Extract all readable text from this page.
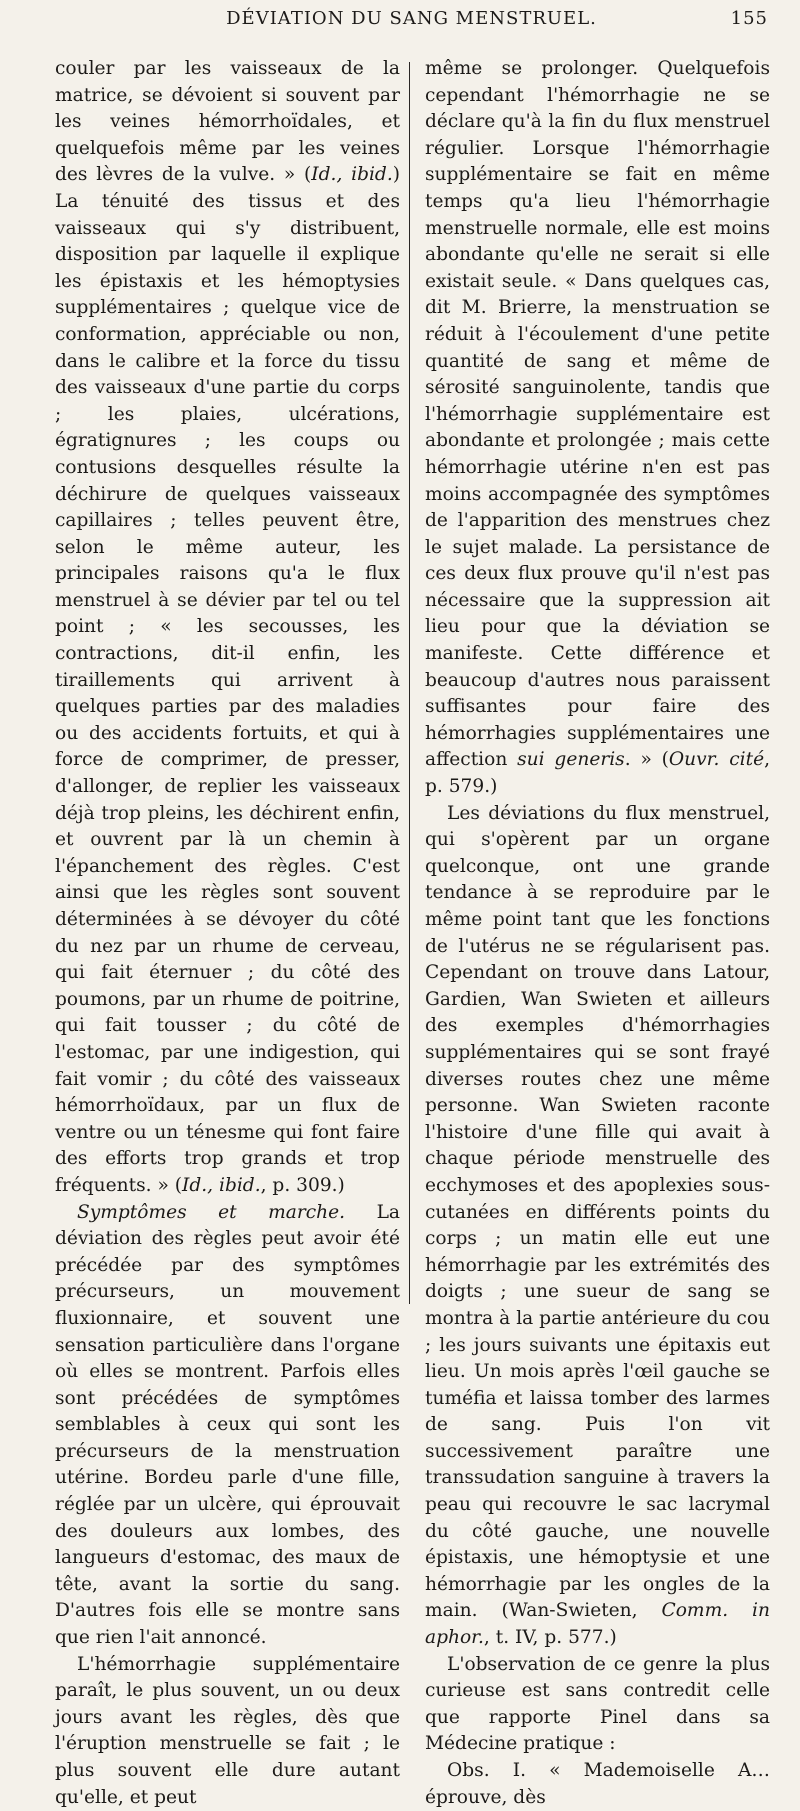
DÉVIATION DU SANG MENSTRUEL.	155

couler par les vaisseaux de la matrice, se dévoient si souvent par les veines hémorrhoïdales, et quelquefois même par les veines des lèvres de la vulve. » (Id., ibid.) La ténuité des tissus et des vaisseaux qui s'y distribuent, disposition par laquelle il explique les épistaxis et les hémoptysies supplémentaires ; quelque vice de conformation, appréciable ou non, dans le calibre et la force du tissu des vaisseaux d'une partie du corps ; les plaies, ulcérations, égratignures ; les coups ou contusions desquelles résulte la déchirure de quelques vaisseaux capillaires ; telles peuvent être, selon le même auteur, les principales raisons qu'a le flux menstruel à se dévier par tel ou tel point ; « les secousses, les contractions, dit-il enfin, les tiraillements qui arrivent à quelques parties par des maladies ou des accidents fortuits, et qui à force de comprimer, de presser, d'allonger, de replier les vaisseaux déjà trop pleins, les déchirent enfin, et ouvrent par là un chemin à l'épanchement des règles. C'est ainsi que les règles sont souvent déterminées à se dévoyer du côté du nez par un rhume de cerveau, qui fait éternuer ; du côté des poumons, par un rhume de poitrine, qui fait tousser ; du côté de l'estomac, par une indigestion, qui fait vomir ; du côté des vaisseaux hémorrhoïdaux, par un flux de ventre ou un ténesme qui font faire des efforts trop grands et trop fréquents. » (Id., ibid., p. 309.)

Symptômes et marche. La déviation des règles peut avoir été précédée par des symptômes précurseurs, un mouvement fluxionnaire, et souvent une sensation particulière dans l'organe où elles se montrent. Parfois elles sont précédées de symptômes semblables à ceux qui sont les précurseurs de la menstruation utérine. Bordeu parle d'une fille, réglée par un ulcère, qui éprouvait des douleurs aux lombes, des langueurs d'estomac, des maux de tête, avant la sortie du sang. D'autres fois elle se montre sans que rien l'ait annoncé.

L'hémorrhagie supplémentaire paraît, le plus souvent, un ou deux jours avant les règles, dès que l'éruption menstruelle se fait ; le plus souvent elle dure autant qu'elle, et peut

même se prolonger. Quelquefois cependant l'hémorrhagie ne se déclare qu'à la fin du flux menstruel régulier. Lorsque l'hémorrhagie supplémentaire se fait en même temps qu'a lieu l'hémorrhagie menstruelle normale, elle est moins abondante qu'elle ne serait si elle existait seule. « Dans quelques cas, dit M. Brierre, la menstruation se réduit à l'écoulement d'une petite quantité de sang et même de sérosité sanguinolente, tandis que l'hémorrhagie supplémentaire est abondante et prolongée ; mais cette hémorrhagie utérine n'en est pas moins accompagnée des symptômes de l'apparition des menstrues chez le sujet malade. La persistance de ces deux flux prouve qu'il n'est pas nécessaire que la suppression ait lieu pour que la déviation se manifeste. Cette différence et beaucoup d'autres nous paraissent suffisantes pour faire des hémorrhagies supplémentaires une affection sui generis. » (Ouvr. cité, p. 579.)

Les déviations du flux menstruel, qui s'opèrent par un organe quelconque, ont une grande tendance à se reproduire par le même point tant que les fonctions de l'utérus ne se régularisent pas. Cependant on trouve dans Latour, Gardien, Wan Swieten et ailleurs des exemples d'hémorrhagies supplémentaires qui se sont frayé diverses routes chez une même personne. Wan Swieten raconte l'histoire d'une fille qui avait à chaque période menstruelle des ecchymoses et des apoplexies sous-cutanées en différents points du corps ; un matin elle eut une hémorrhagie par les extrémités des doigts ; une sueur de sang se montra à la partie antérieure du cou ; les jours suivants une épitaxis eut lieu. Un mois après l'œil gauche se tuméfia et laissa tomber des larmes de sang. Puis l'on vit successivement paraître une transsudation sanguine à travers la peau qui recouvre le sac lacrymal du côté gauche, une nouvelle épistaxis, une hémoptysie et une hémorrhagie par les ongles de la main. (Wan-Swieten, Comm. in aphor., t. IV, p. 577.)

L'observation de ce genre la plus curieuse est sans contredit celle que rapporte Pinel dans sa Médecine pratique :

Obs. I. « Mademoiselle A… éprouve, dès
